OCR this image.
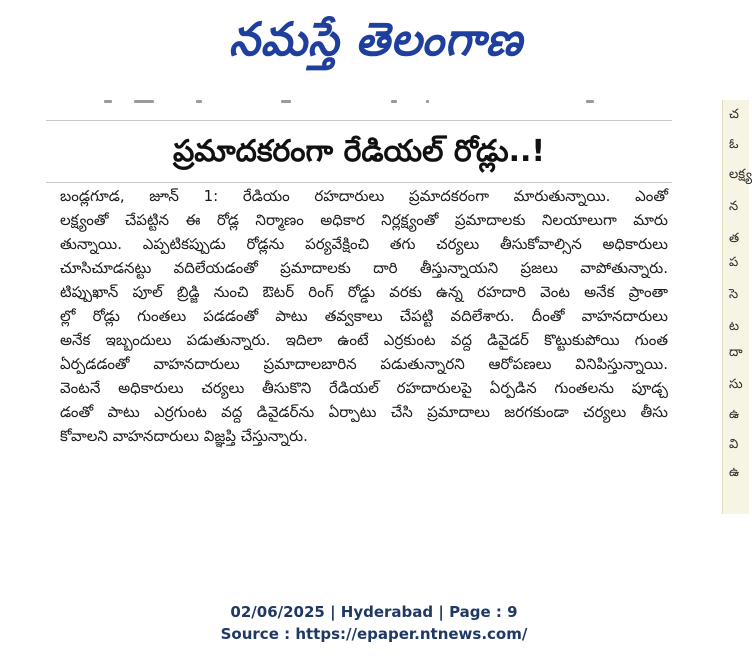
నమస్తే తెలంగాణ
ప్రమాదకరంగా రేడియల్ రోడ్లు..!
బండ్లగూడ, జూన్ 1: రేడియం రహదారులు ప్రమాదకరంగా మారుతున్నాయి. ఎంతో
లక్ష్యంతో చేపట్టిన ఈ రోడ్ల నిర్మాణం అధికార నిర్లక్ష్యంతో ప్రమాదాలకు నిలయాలుగా మారు
తున్నాయి. ఎప్పటికప్పుడు రోడ్లను పర్యవేక్షించి తగు చర్యలు తీసుకోవాల్సిన అధికారులు
చూసిచూడనట్టు వదిలేయడంతో ప్రమాదాలకు దారి తీస్తున్నాయని ప్రజలు వాపోతున్నారు.
టిప్పుఖాన్ పూల్ బ్రిడ్జి నుంచి ఔటర్ రింగ్ రోడ్డు వరకు ఉన్న రహదారి వెంట అనేక ప్రాంతా
ల్లో రోడ్లు గుంతలు పడడంతో పాటు తవ్వకాలు చేపట్టి వదిలేశారు. దీంతో వాహనదారులు
అనేక ఇబ్బందులు పడుతున్నారు. ఇదిలా ఉంటే ఎర్రకుంట వద్ద డివైడర్ కొట్టుకుపోయి గుంత
ఏర్పడడంతో వాహనదారులు ప్రమాదాలబారిన పడుతున్నారని ఆరోపణలు వినిపిస్తున్నాయి.
వెంటనే అధికారులు చర్యలు తీసుకొని రేడియల్ రహదారులపై ఏర్పడిన గుంతలను పూడ్చ
డంతో పాటు ఎర్రగుంట వద్ద డివైడర్‌ను ఏర్పాటు చేసి ప్రమాదాలు జరగకుండా చర్యలు తీసు
కోవాలని వాహనదారులు విజ్ఞప్తి చేస్తున్నారు.
చ
ఓ
లక్ష్య
న
త
ప
సె
ట
దా
సు
ఉ
వి
ఉ
02/06/2025 | Hyderabad | Page : 9
Source : https://epaper.ntnews.com/
